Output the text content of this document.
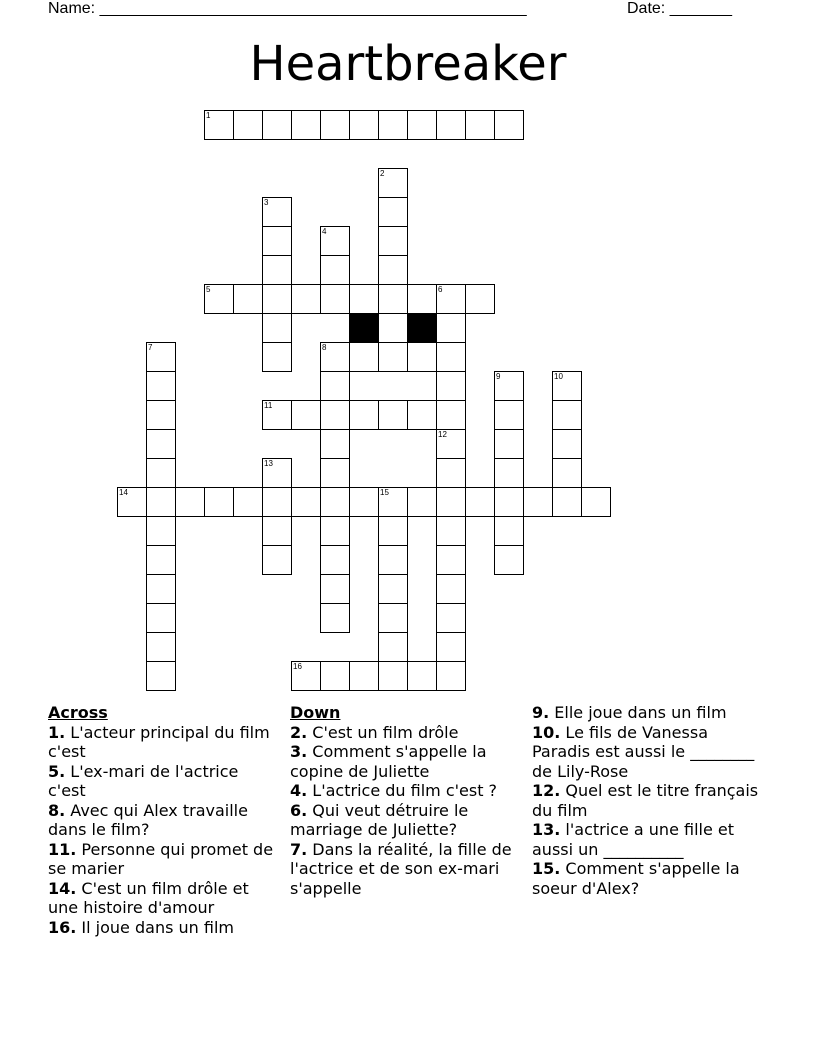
Name: ________________________________________________	Date: _______
Heartbreaker
1
2
3
4
5	6
7	8
9	10
11
12
13
14	15
16
Across
1. L'acteur principal du film c'est
5. L'ex-mari de l'actrice c'est
8. Avec qui Alex travaille dans le film?
11. Personne qui promet de se marier
14. C'est un film drôle et une histoire d'amour
16. Il joue dans un film
Down
2. C'est un film drôle
3. Comment s'appelle la copine de Juliette
4. L'actrice du film c'est ?
6. Qui veut détruire le marriage de Juliette?
7. Dans la réalité, la fille de l'actrice et de son ex-mari s'appelle
9. Elle joue dans un film
10. Le fils de Vanessa Paradis est aussi le ________ de Lily-Rose
12. Quel est le titre français du film
13. l'actrice a une fille et aussi un __________
15. Comment s'appelle la soeur d'Alex?
